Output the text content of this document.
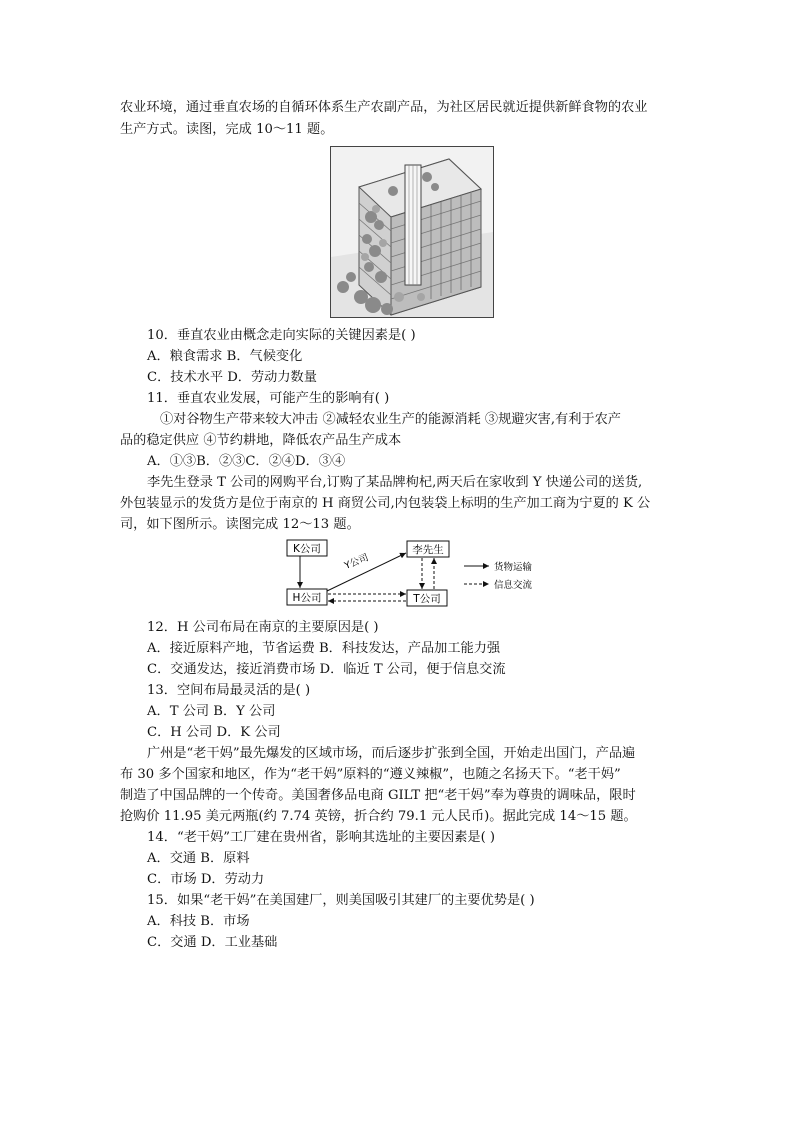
农业环境，通过垂直农场的自循环体系生产农副产品，为社区居民就近提供新鲜食物的农业
生产方式。读图，完成 10～11 题。
10．垂直农业由概念走向实际的关键因素是( )
A．粮食需求 B．气候变化
C．技术水平 D．劳动力数量
11．垂直农业发展，可能产生的影响有( )
①对谷物生产带来较大冲击 ②减轻农业生产的能源消耗 ③规避灾害,有利于农产
品的稳定供应 ④节约耕地，降低农产品生产成本
A．①③B．②③C．②④D．③④
李先生登录 T 公司的网购平台,订购了某品牌枸杞,两天后在家收到 Y 快递公司的送货,
外包装显示的发货方是位于南京的 H 商贸公司,内包装袋上标明的生产加工商为宁夏的 K 公
司，如下图所示。读图完成 12～13 题。
K公司
H公司
李先生
T公司
Y公司	货物运输
信息交流
12．H 公司布局在南京的主要原因是( )
A．接近原料产地，节省运费 B．科技发达，产品加工能力强
C．交通发达，接近消费市场 D．临近 T 公司，便于信息交流
13．空间布局最灵活的是( )
A．T 公司 B．Y 公司
C．H 公司 D．K 公司
广州是“老干妈”最先爆发的区域市场，而后逐步扩张到全国，开始走出国门，产品遍
布 30 多个国家和地区，作为“老干妈”原料的“遵义辣椒”，也随之名扬天下。“老干妈”
制造了中国品牌的一个传奇。美国奢侈品电商 GILT 把“老干妈”奉为尊贵的调味品，限时
抢购价 11.95 美元两瓶(约 7.74 英镑，折合约 79.1 元人民币)。据此完成 14～15 题。
14．“老干妈”工厂建在贵州省，影响其选址的主要因素是( )
A．交通 B．原料
C．市场 D．劳动力
15．如果“老干妈”在美国建厂，则美国吸引其建厂的主要优势是( )
A．科技 B．市场
C．交通 D．工业基础
